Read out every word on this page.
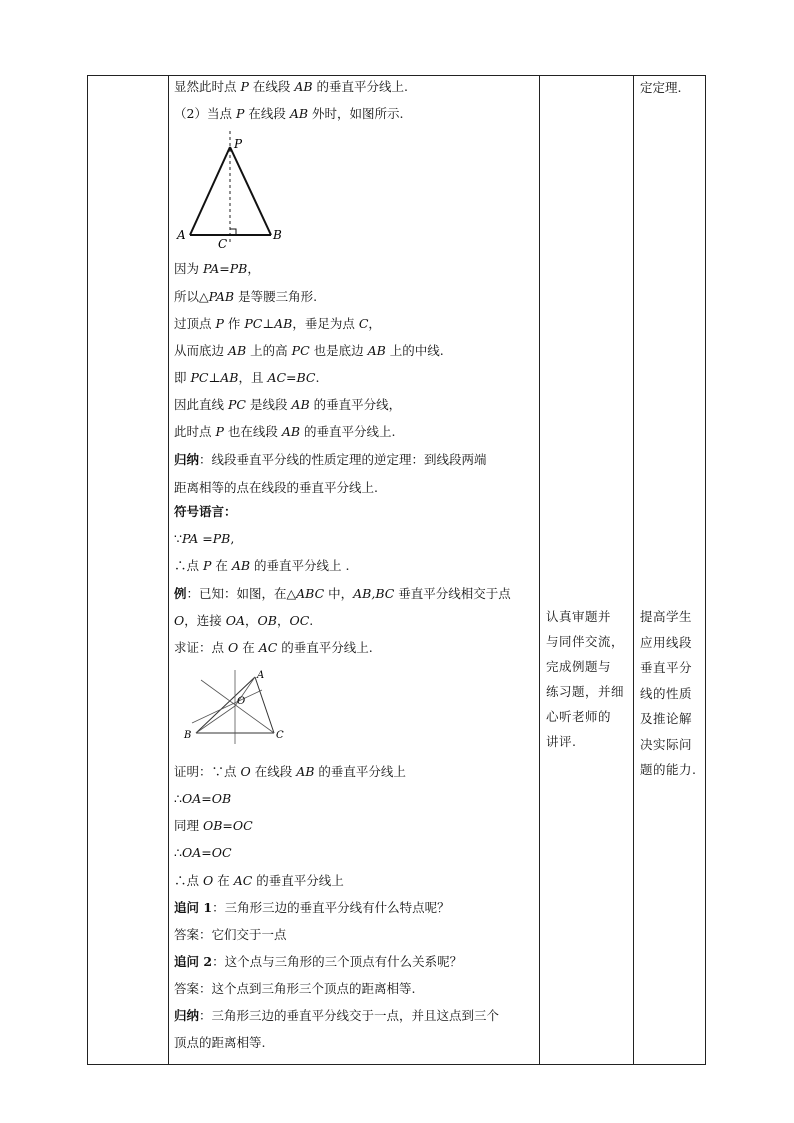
定定理.
显然此时点 P 在线段 AB 的垂直平分线上.
（2）当点 P 在线段 AB 外时，如图所示.
P
A	B
C
因为 PA=PB，
所以△PAB 是等腰三角形.
过顶点 P 作 PC⊥AB，垂足为点 C，
从而底边 AB 上的高 PC 也是底边 AB 上的中线.
即 PC⊥AB，且 AC=BC.
因此直线 PC 是线段 AB 的垂直平分线，
此时点 P 也在线段 AB 的垂直平分线上.
归纳：线段垂直平分线的性质定理的逆定理：到线段两端
距离相等的点在线段的垂直平分线上.
符号语言：
∵PA =PB,
∴点 P 在 AB 的垂直平分线上 .
例：已知：如图，在△ABC 中，AB,BC 垂直平分线相交于点
O，连接 OA，OB，OC.
求证：点 O 在 AC 的垂直平分线上.
A
B	C
O
证明：∵点 O 在线段 AB 的垂直平分线上
∴OA=OB
同理 OB=OC
∴OA=OC
∴点 O 在 AC 的垂直平分线上
追问 1：三角形三边的垂直平分线有什么特点呢？
答案：它们交于一点
追问 2：这个点与三角形的三个顶点有什么关系呢？
答案：这个点到三角形三个顶点的距离相等.
归纳：三角形三边的垂直平分线交于一点，并且这点到三个
顶点的距离相等.
认真审题并
与同伴交流，
完成例题与
练习题，并细
心听老师的
讲评.
提高学生
应用线段
垂直平分
线的性质
及推论解
决实际问
题的能力.
